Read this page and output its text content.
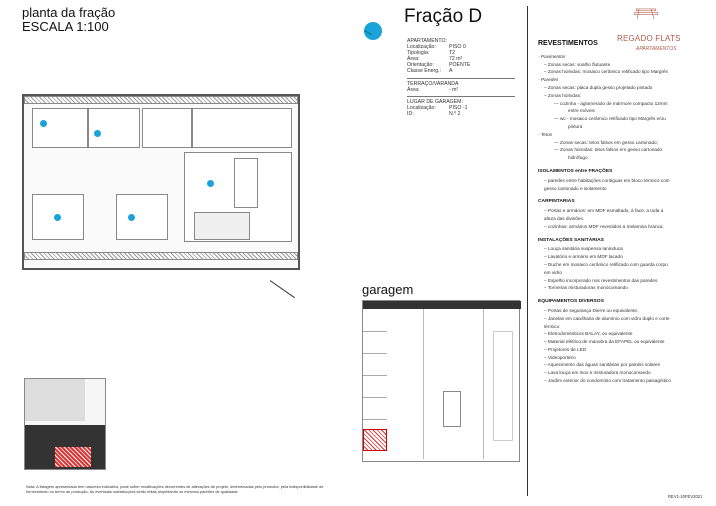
planta da fração
ESCALA 1:100
Nota: A listagem apresentada tem natureza indicativa, pode sofrer modificações decorrentes de alterações de projeto, determinadas pelo promotor, pela indisponibilidade de fornecimento ou termo de produção. As eventuais substituições serão feitas respeitando os mesmos padrões de qualidade.
Fração D
APARTAMENTO:
Localização:	PISO 0
Tipologia:	T2
Área:	72 m²
Orientação:	POENTE
Classe Energ.:	A
TERRAÇO/VARANDA
Área:	- m²
LUGAR DE GARAGEM:
Localização:	PISO -1
ID:	N.º 2
garagem
REGADO FLATS
APARTAMENTOS
REVESTIMENTOS
- Pavimentos
– Zonas secas: soalho flutuante
– Zonas húmidas: mosaico cerâmico retificado tipo Margrês
- Paredes
– Zonas secas: placa dupla gesso projetado pintado
– Zonas húmidas:
— cozinha - aglomerado de mármore compacto 12mm
entre móveis
— wc - mosaico cerâmico retificado tipo Margrês e/ou
pintura
- Tetos
— Zonas secas: tetos falsos em gesso cartonado;
— Zonas húmidas: tetos falsos em gesso cartonado
hidrófugo
ISOLAMENTOS entre FRAÇÕES
– paredes entre habitações contíguas em bloco térmico com
gesso cartonado e isolamento
CARPINTARIAS
– Portas e armários: em MDF esmaltado, à face, a toda a
altura das divisões.
– cozinhas: armários MDF revestidos a melamina branca.
INSTALAÇÕES SANITÁRIAS
– Louça sanitária suspensa Ianinduca
– Lavatório e armário em MDF lacado
– Duche em mosaico cerâmico retificado com guarda corpo
em vidro
– Espelho incorporado nos revestimentos das paredes
– Torneiras misturadoras monocomando
EQUIPAMENTOS DIVERSOS
– Portas de segurança Dierre ou equivalente.
– Janelas em caixilharia de alumínio com vidro duplo e corte
térmico
– Eletrodomésticos BALAY, ou equivalente
– Material elétrico de manobra da EFAPEL ou equivalente
– Projetores de LED
– Videoporteiro
– Aquecimento das águas sanitárias por painéis solares
– Lava louça em inox e misturadora monocomando
– Jardim exterior do condomínio com tratamento paisagístico
REV1-10FEV2021
